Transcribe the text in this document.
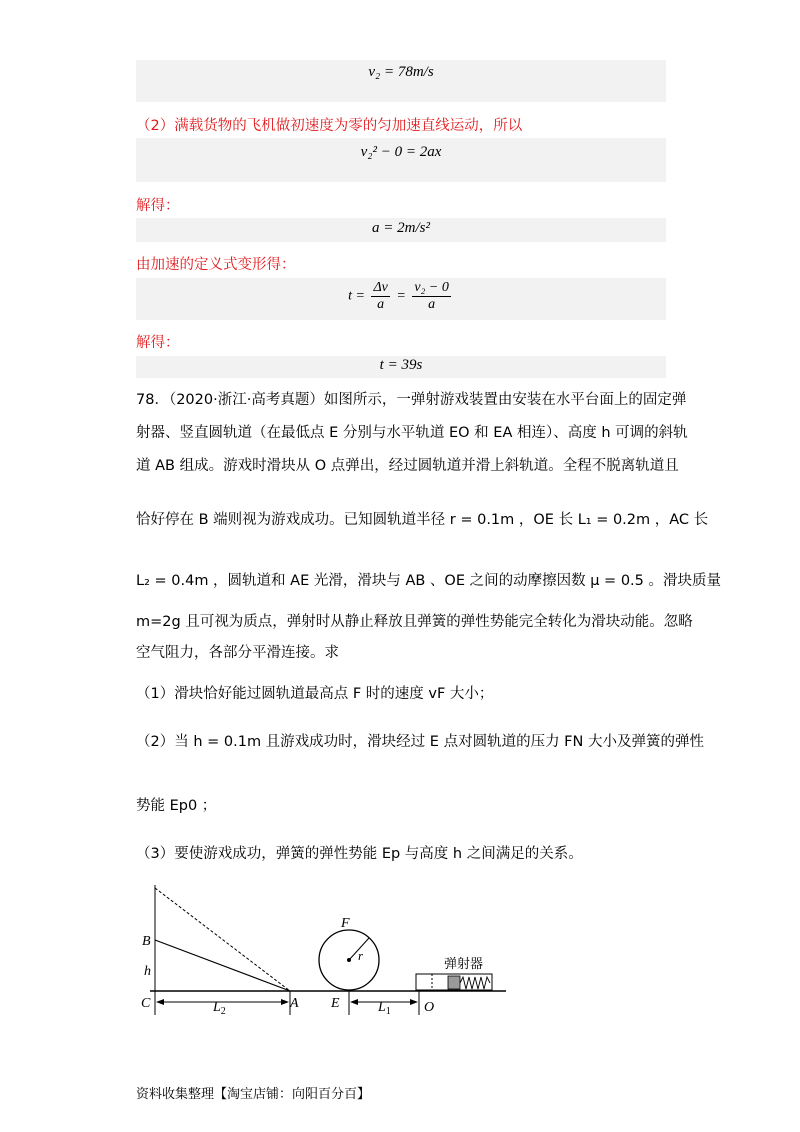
v₂ = 78m/s
（2）满载货物的飞机做初速度为零的匀加速直线运动，所以
v₂² − 0 = 2ax
解得：
a = 2m/s²
由加速的定义式变形得：
$t = \frac{\Delta v}{a} = \frac{\text{v₂ − 0}}{a}$
解得：
t = 39s
78．（2020·浙江·高考真题）如图所示，一弹射游戏装置由安装在水平台面上的固定弹
射器、竖直圆轨道（在最低点 E 分别与水平轨道 EO 和 EA 相连）、高度 h 可调的斜轨
道 AB 组成。游戏时滑块从 O 点弹出，经过圆轨道并滑上斜轨道。全程不脱离轨道且
恰好停在 B 端则视为游戏成功。已知圆轨道半径 r = 0.1m ，OE 长 L₁ = 0.2m ，AC 长
L₂ = 0.4m ，圆轨道和 AE 光滑，滑块与 AB 、OE 之间的动摩擦因数 μ = 0.5 。滑块质量
m=2g 且可视为质点，弹射时从静止释放且弹簧的弹性势能完全转化为滑块动能。忽略
空气阻力，各部分平滑连接。求
（1）滑块恰好能过圆轨道最高点 F 时的速度 vF 大小；
（2）当 h = 0.1m 且游戏成功时，滑块经过 E 点对圆轨道的压力 FN 大小及弹簧的弹性
势能 Ep0 ；
（3）要使游戏成功，弹簧的弹性势能 Ep 与高度 h 之间满足的关系。
B
h
C	$L_2$
A E	$L_1$ O
F
r
弹射器
资料收集整理【淘宝店铺：向阳百分百】
